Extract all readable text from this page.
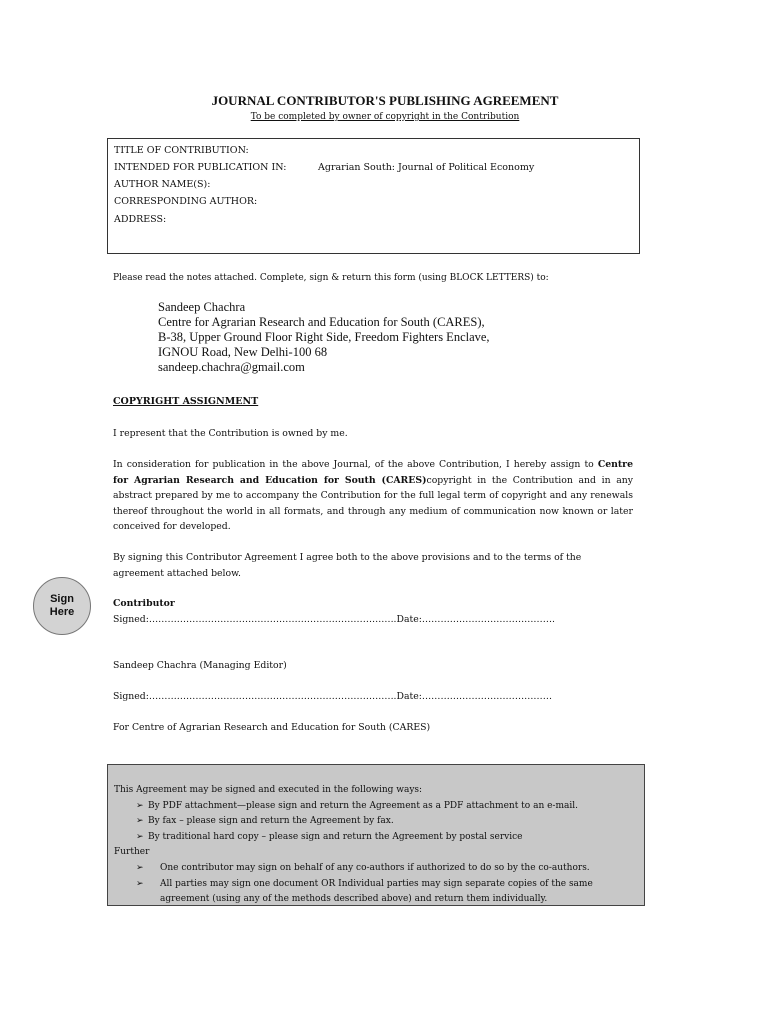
JOURNAL CONTRIBUTOR'S PUBLISHING AGREEMENT
To be completed by owner of copyright in the Contribution
TITLE OF CONTRIBUTION:
INTENDED FOR PUBLICATION IN:	Agrarian South: Journal of Political Economy
AUTHOR NAME(S):
CORRESPONDING AUTHOR:
ADDRESS:
Please read the notes attached. Complete, sign & return this form (using BLOCK LETTERS) to:
Sandeep Chachra
Centre for Agrarian Research and Education for South (CARES),
B-38, Upper Ground Floor Right Side, Freedom Fighters Enclave,
IGNOU Road, New Delhi-100 68
sandeep.chachra@gmail.com
COPYRIGHT ASSIGNMENT
I represent that the Contribution is owned by me.
In consideration for publication in the above Journal, of the above Contribution, I hereby assign to Centre for Agrarian Research and Education for South (CARES)copyright in the Contribution and in any abstract prepared by me to accompany the Contribution for the full legal term of copyright and any renewals thereof throughout the world in all formats, and through any medium of communication now known or later conceived for developed.
By signing this Contributor Agreement I agree both to the above provisions and to the terms of the agreement attached below.
Sign
Here
Contributor
Signed:……………………………………………………………………..Date:…………………………………….
Sandeep Chachra (Managing Editor)
Signed:……………………………………………………………………..Date:……………………………………
For Centre of Agrarian Research and Education for South (CARES)
This Agreement may be signed and executed in the following ways:
➢ By PDF attachment—please sign and return the Agreement as a PDF attachment to an e-mail.
➢ By fax – please sign and return the Agreement by fax.
➢ By traditional hard copy – please sign and return the Agreement by postal service
Further
➢ One contributor may sign on behalf of any co-authors if authorized to do so by the co-authors.
➢ All parties may sign one document OR Individual parties may sign separate copies of the same
agreement (using any of the methods described above) and return them individually.
